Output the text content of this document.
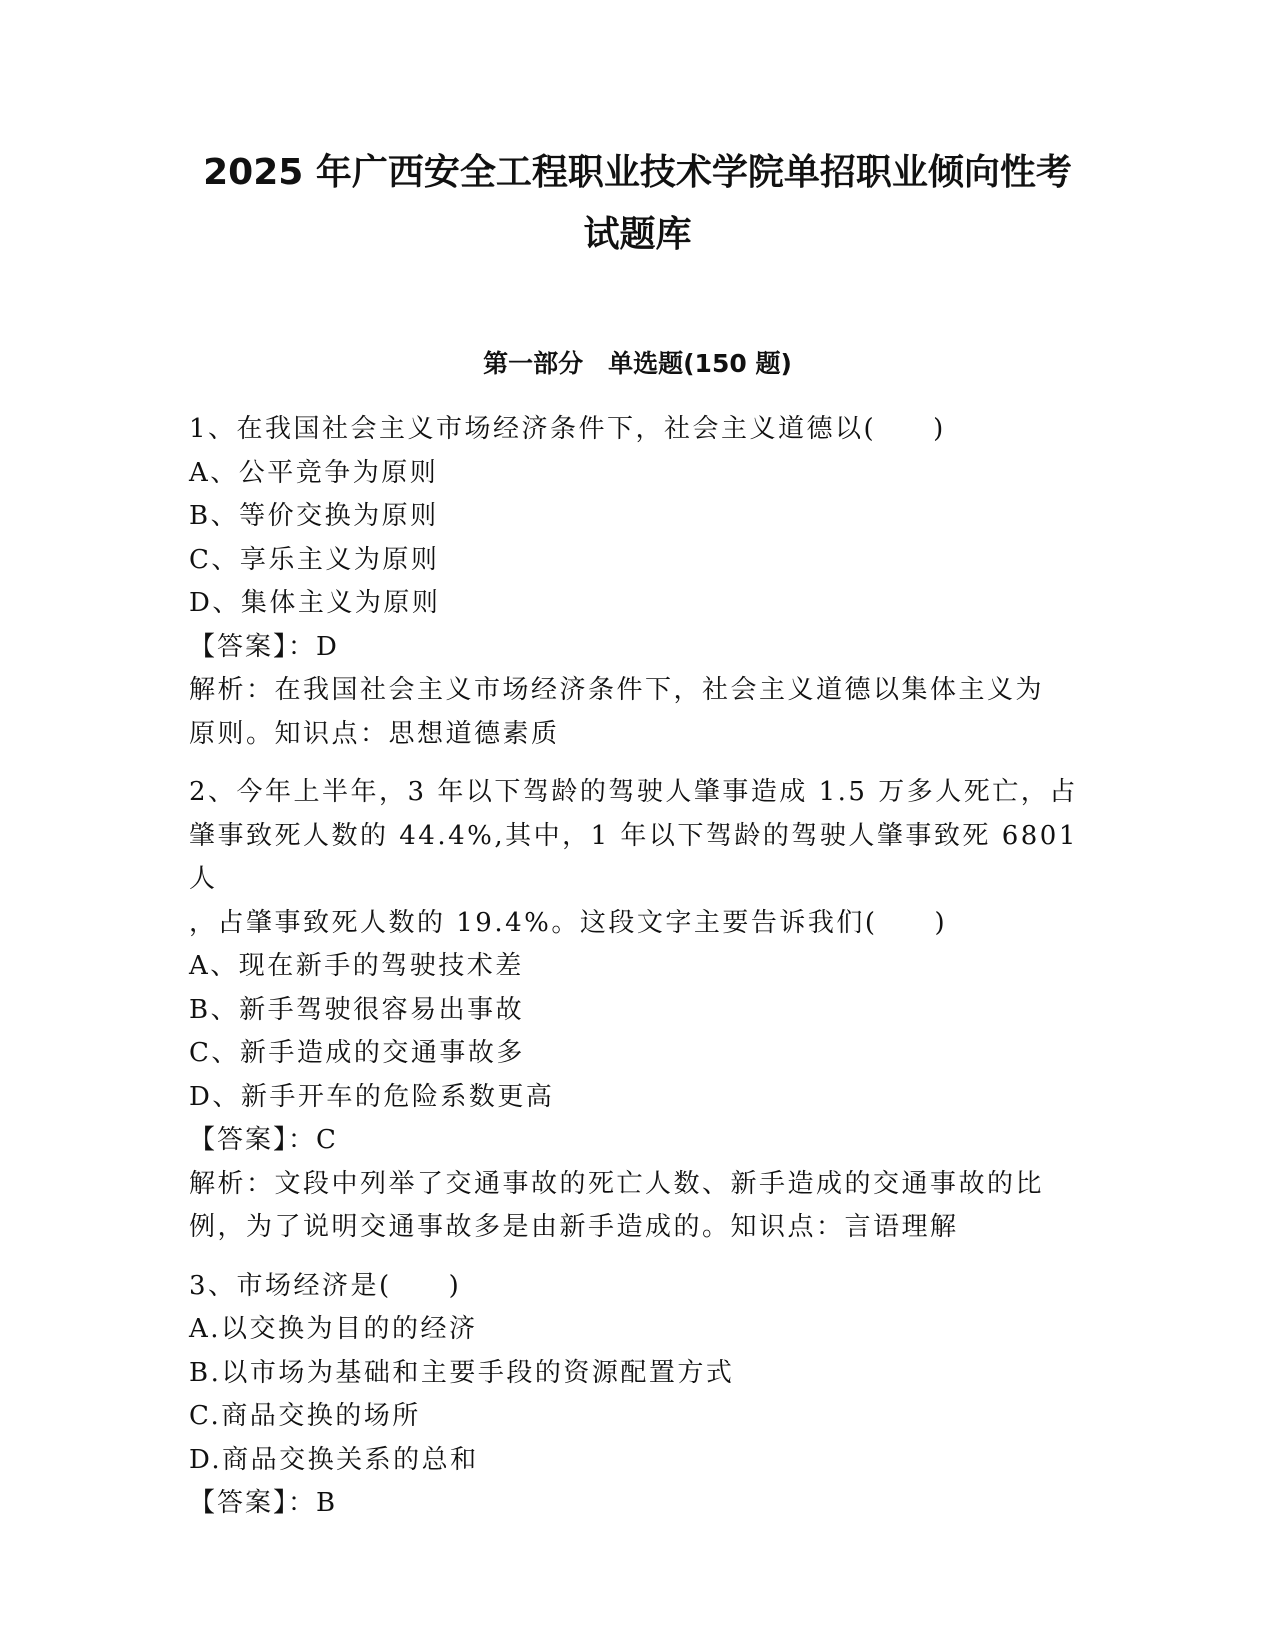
2025 年广西安全工程职业技术学院单招职业倾向性考
试题库
第一部分　单选题(150 题)

1、在我国社会主义市场经济条件下，社会主义道德以(　　)

A、公平竞争为原则

B、等价交换为原则

C、享乐主义为原则

D、集体主义为原则

【答案】：D

解析：在我国社会主义市场经济条件下，社会主义道德以集体主义为

原则。知识点：思想道德素质

2、今年上半年，3 年以下驾龄的驾驶人肇事造成 1.5 万多人死亡，占

肇事致死人数的 44.4%,其中，1 年以下驾龄的驾驶人肇事致死 6801 人

，占肇事致死人数的 19.4%。这段文字主要告诉我们(　　)

A、现在新手的驾驶技术差

B、新手驾驶很容易出事故

C、新手造成的交通事故多

D、新手开车的危险系数更高

【答案】：C

解析：文段中列举了交通事故的死亡人数、新手造成的交通事故的比

例，为了说明交通事故多是由新手造成的。知识点：言语理解

3、市场经济是(　　)

A.以交换为目的的经济

B.以市场为基础和主要手段的资源配置方式

C.商品交换的场所

D.商品交换关系的总和

【答案】：B
